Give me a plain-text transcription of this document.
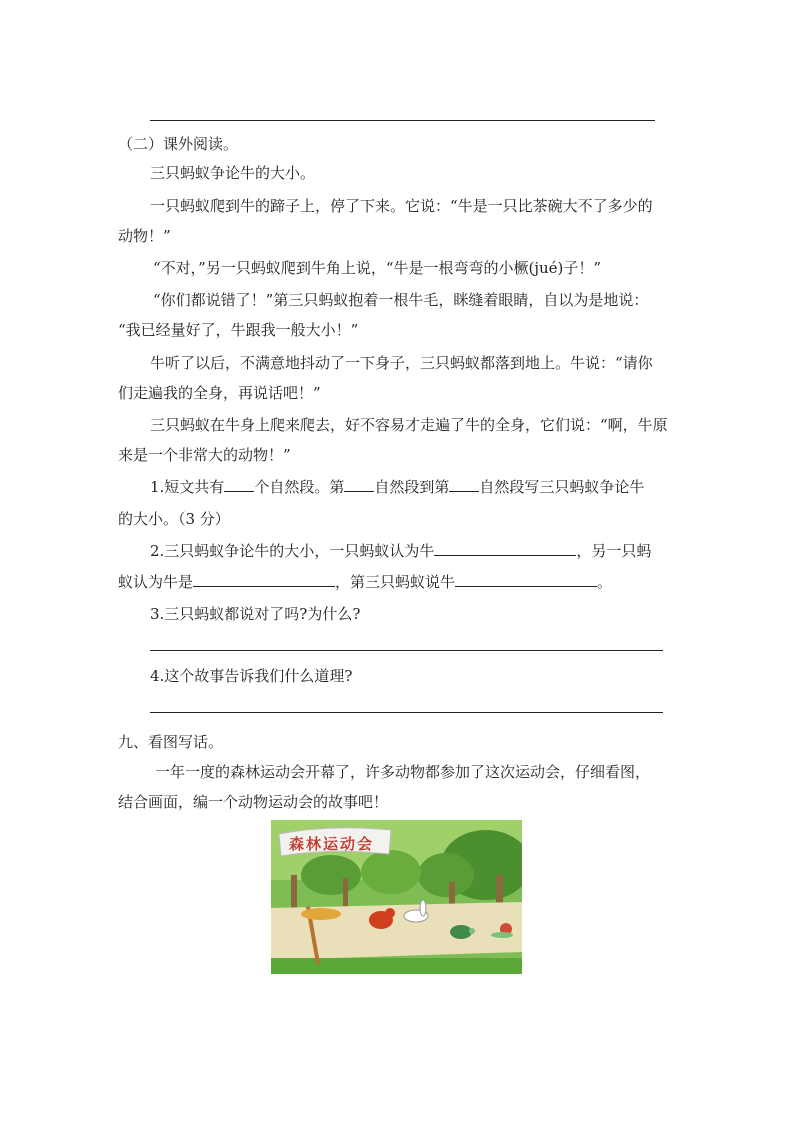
（二）课外阅读。
三只蚂蚁争论牛的大小。
一只蚂蚁爬到牛的蹄子上，停了下来。它说：“牛是一只比茶碗大不了多少的
动物！”
“不对，”另一只蚂蚁爬到牛角上说，“牛是一根弯弯的小橛(jué)子！”
“你们都说错了！”第三只蚂蚁抱着一根牛毛，眯缝着眼睛，自以为是地说：
“我已经量好了，牛跟我一般大小！”
牛听了以后，不满意地抖动了一下身子，三只蚂蚁都落到地上。牛说：“请你
们走遍我的全身，再说话吧！”
三只蚂蚁在牛身上爬来爬去，好不容易才走遍了牛的全身，它们说：“啊，牛原
来是一个非常大的动物！”
1.短文共有 个自然段。第 自然段到第 自然段写三只蚂蚁争论牛
的大小。（3 分）
2.三只蚂蚁争论牛的大小，一只蚂蚁认为牛	，另一只蚂
蚁认为牛是	，第三只蚂蚁说牛	。
3.三只蚂蚁都说对了吗?为什么?
4.这个故事告诉我们什么道理?
九、看图写话。
一年一度的森林运动会开幕了，许多动物都参加了这次运动会，仔细看图，
结合画面，编一个动物运动会的故事吧！
森林运动会
